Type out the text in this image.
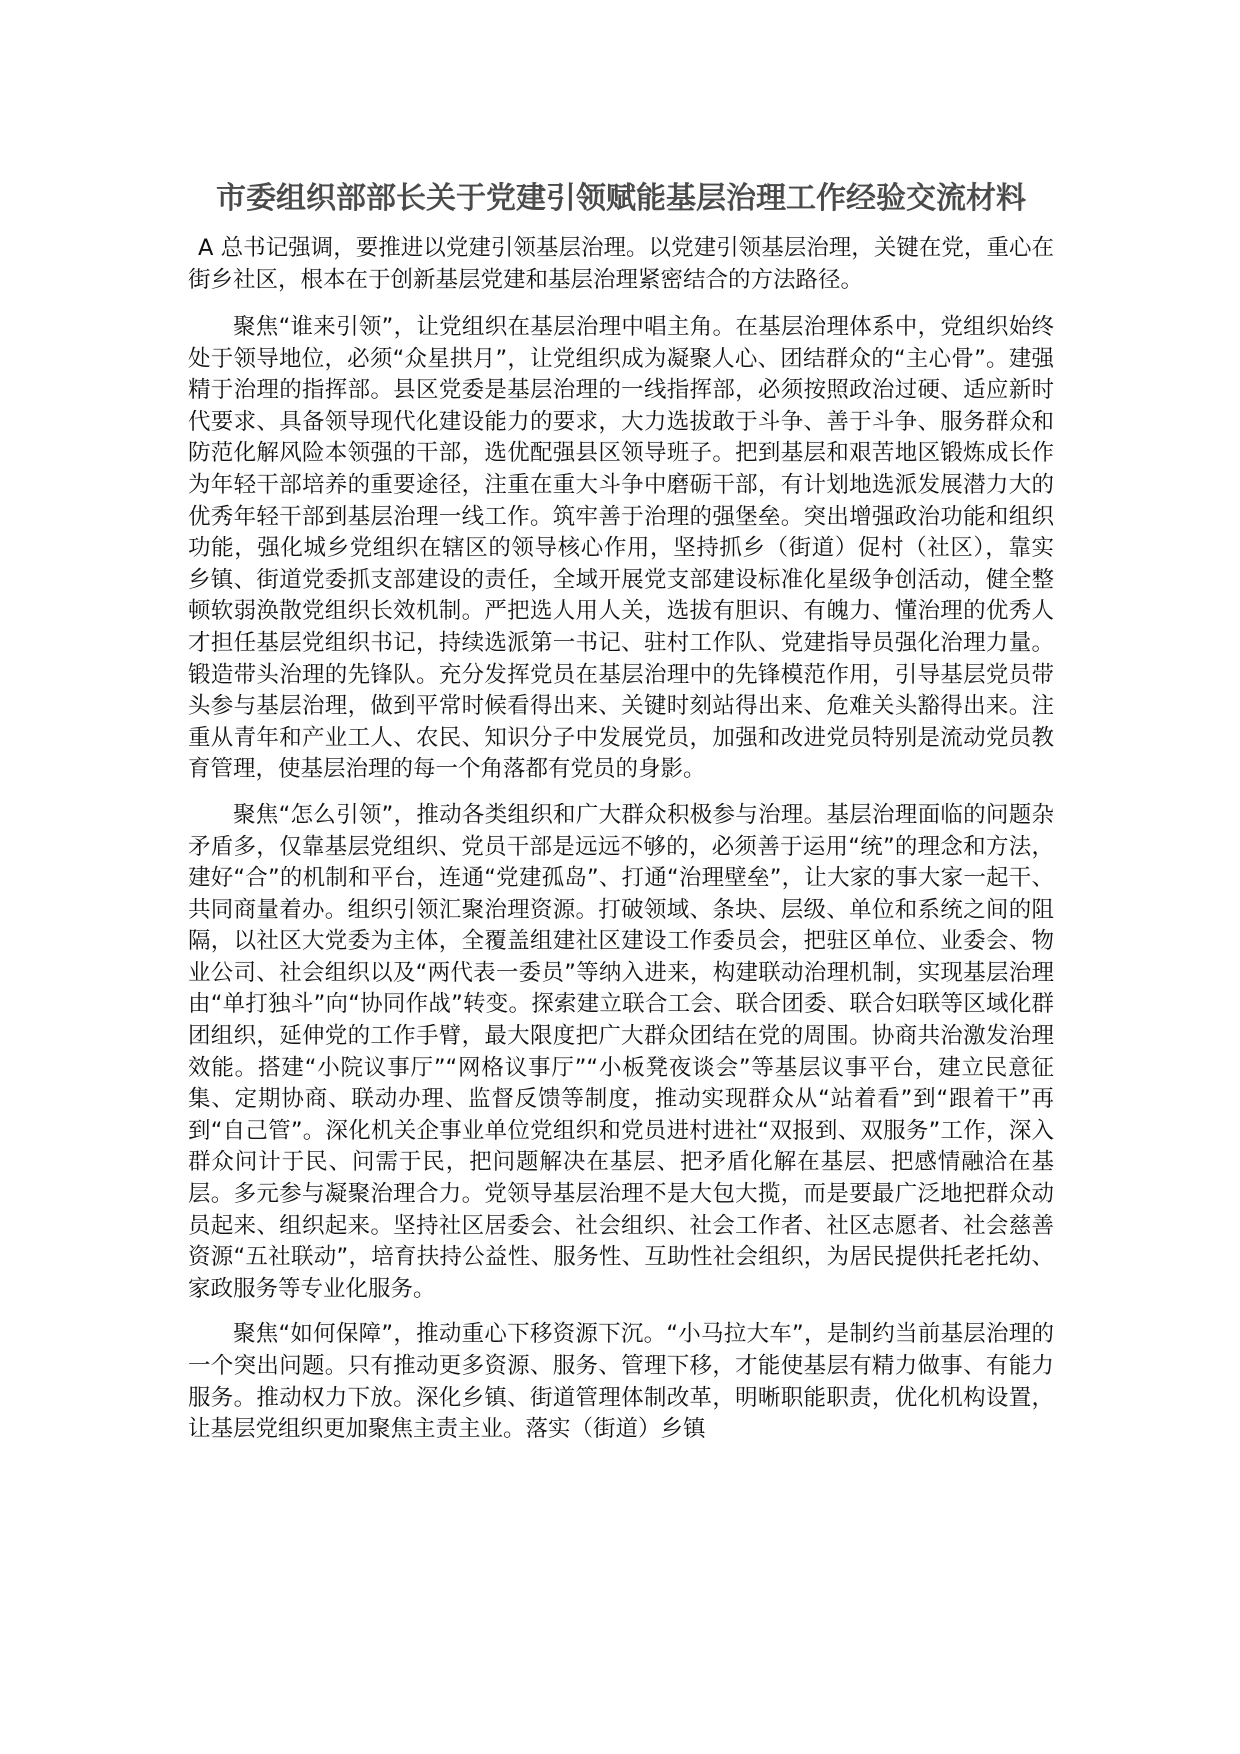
市委组织部部长关于党建引领赋能基层治理工作经验交流材料

A 总书记强调，要推进以党建引领基层治理。以党建引领基层治理，关键在党，重心在街乡社区，根本在于创新基层党建和基层治理紧密结合的方法路径。

聚焦“谁来引领”，让党组织在基层治理中唱主角。在基层治理体系中，党组织始终处于领导地位，必须“众星拱月”，让党组织成为凝聚人心、团结群众的“主心骨”。建强精于治理的指挥部。县区党委是基层治理的一线指挥部，必须按照政治过硬、适应新时代要求、具备领导现代化建设能力的要求，大力选拔敢于斗争、善于斗争、服务群众和防范化解风险本领强的干部，选优配强县区领导班子。把到基层和艰苦地区锻炼成长作为年轻干部培养的重要途径，注重在重大斗争中磨砺干部，有计划地选派发展潜力大的优秀年轻干部到基层治理一线工作。筑牢善于治理的强堡垒。突出增强政治功能和组织功能，强化城乡党组织在辖区的领导核心作用，坚持抓乡（街道）促村（社区），靠实乡镇、街道党委抓支部建设的责任，全域开展党支部建设标准化星级争创活动，健全整顿软弱涣散党组织长效机制。严把选人用人关，选拔有胆识、有魄力、懂治理的优秀人才担任基层党组织书记，持续选派第一书记、驻村工作队、党建指导员强化治理力量。锻造带头治理的先锋队。充分发挥党员在基层治理中的先锋模范作用，引导基层党员带头参与基层治理，做到平常时候看得出来、关键时刻站得出来、危难关头豁得出来。注重从青年和产业工人、农民、知识分子中发展党员，加强和改进党员特别是流动党员教育管理，使基层治理的每一个角落都有党员的身影。

聚焦“怎么引领”，推动各类组织和广大群众积极参与治理。基层治理面临的问题杂矛盾多，仅靠基层党组织、党员干部是远远不够的，必须善于运用“统”的理念和方法，建好“合”的机制和平台，连通“党建孤岛”、打通“治理壁垒”，让大家的事大家一起干、共同商量着办。组织引领汇聚治理资源。打破领域、条块、层级、单位和系统之间的阻隔，以社区大党委为主体，全覆盖组建社区建设工作委员会，把驻区单位、业委会、物业公司、社会组织以及“两代表一委员”等纳入进来，构建联动治理机制，实现基层治理由“单打独斗”向“协同作战”转变。探索建立联合工会、联合团委、联合妇联等区域化群团组织，延伸党的工作手臂，最大限度把广大群众团结在党的周围。协商共治激发治理效能。搭建“小院议事厅”“网格议事厅”“小板凳夜谈会”等基层议事平台，建立民意征集、定期协商、联动办理、监督反馈等制度，推动实现群众从“站着看”到“跟着干”再到“自己管”。深化机关企事业单位党组织和党员进村进社“双报到、双服务”工作，深入群众问计于民、问需于民，把问题解决在基层、把矛盾化解在基层、把感情融洽在基层。多元参与凝聚治理合力。党领导基层治理不是大包大揽，而是要最广泛地把群众动员起来、组织起来。坚持社区居委会、社会组织、社会工作者、社区志愿者、社会慈善资源“五社联动”，培育扶持公益性、服务性、互助性社会组织，为居民提供托老托幼、家政服务等专业化服务。

聚焦“如何保障”，推动重心下移资源下沉。“小马拉大车”，是制约当前基层治理的一个突出问题。只有推动更多资源、服务、管理下移，才能使基层有精力做事、有能力服务。推动权力下放。深化乡镇、街道管理体制改革，明晰职能职责，优化机构设置，让基层党组织更加聚焦主责主业。落实（街道）乡镇
